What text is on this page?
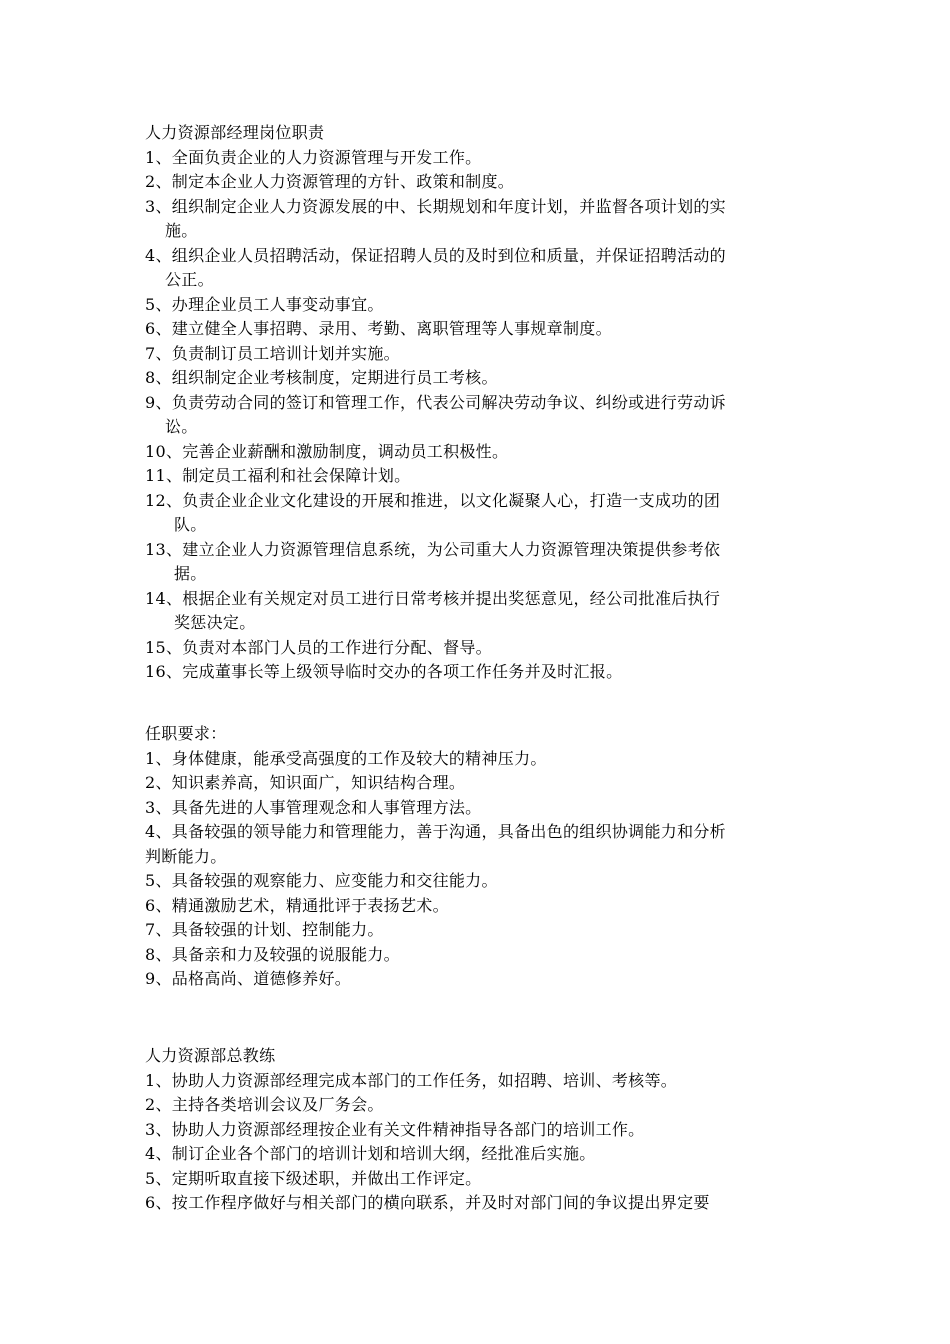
人力资源部经理岗位职责
1、全面负责企业的人力资源管理与开发工作。
2、制定本企业人力资源管理的方针、政策和制度。
3、组织制定企业人力资源发展的中、长期规划和年度计划，并监督各项计划的实
施。
4、组织企业人员招聘活动，保证招聘人员的及时到位和质量，并保证招聘活动的
公正。
5、办理企业员工人事变动事宜。
6、建立健全人事招聘、录用、考勤、离职管理等人事规章制度。
7、负责制订员工培训计划并实施。
8、组织制定企业考核制度，定期进行员工考核。
9、负责劳动合同的签订和管理工作，代表公司解决劳动争议、纠纷或进行劳动诉
讼。
10、完善企业薪酬和激励制度，调动员工积极性。
11、制定员工福利和社会保障计划。
12、负责企业企业文化建设的开展和推进，以文化凝聚人心，打造一支成功的团
队。
13、建立企业人力资源管理信息系统，为公司重大人力资源管理决策提供参考依
据。
14、根据企业有关规定对员工进行日常考核并提出奖惩意见，经公司批准后执行
奖惩决定。
15、负责对本部门人员的工作进行分配、督导。
16、完成董事长等上级领导临时交办的各项工作任务并及时汇报。
任职要求：
1、身体健康，能承受高强度的工作及较大的精神压力。
2、知识素养高，知识面广，知识结构合理。
3、具备先进的人事管理观念和人事管理方法。
4、具备较强的领导能力和管理能力，善于沟通，具备出色的组织协调能力和分析
判断能力。
5、具备较强的观察能力、应变能力和交往能力。
6、精通激励艺术，精通批评于表扬艺术。
7、具备较强的计划、控制能力。
8、具备亲和力及较强的说服能力。
9、品格高尚、道德修养好。
人力资源部总教练
1、协助人力资源部经理完成本部门的工作任务，如招聘、培训、考核等。
2、主持各类培训会议及厂务会。
3、协助人力资源部经理按企业有关文件精神指导各部门的培训工作。
4、制订企业各个部门的培训计划和培训大纲，经批准后实施。
5、定期听取直接下级述职，并做出工作评定。
6、按工作程序做好与相关部门的横向联系，并及时对部门间的争议提出界定要
